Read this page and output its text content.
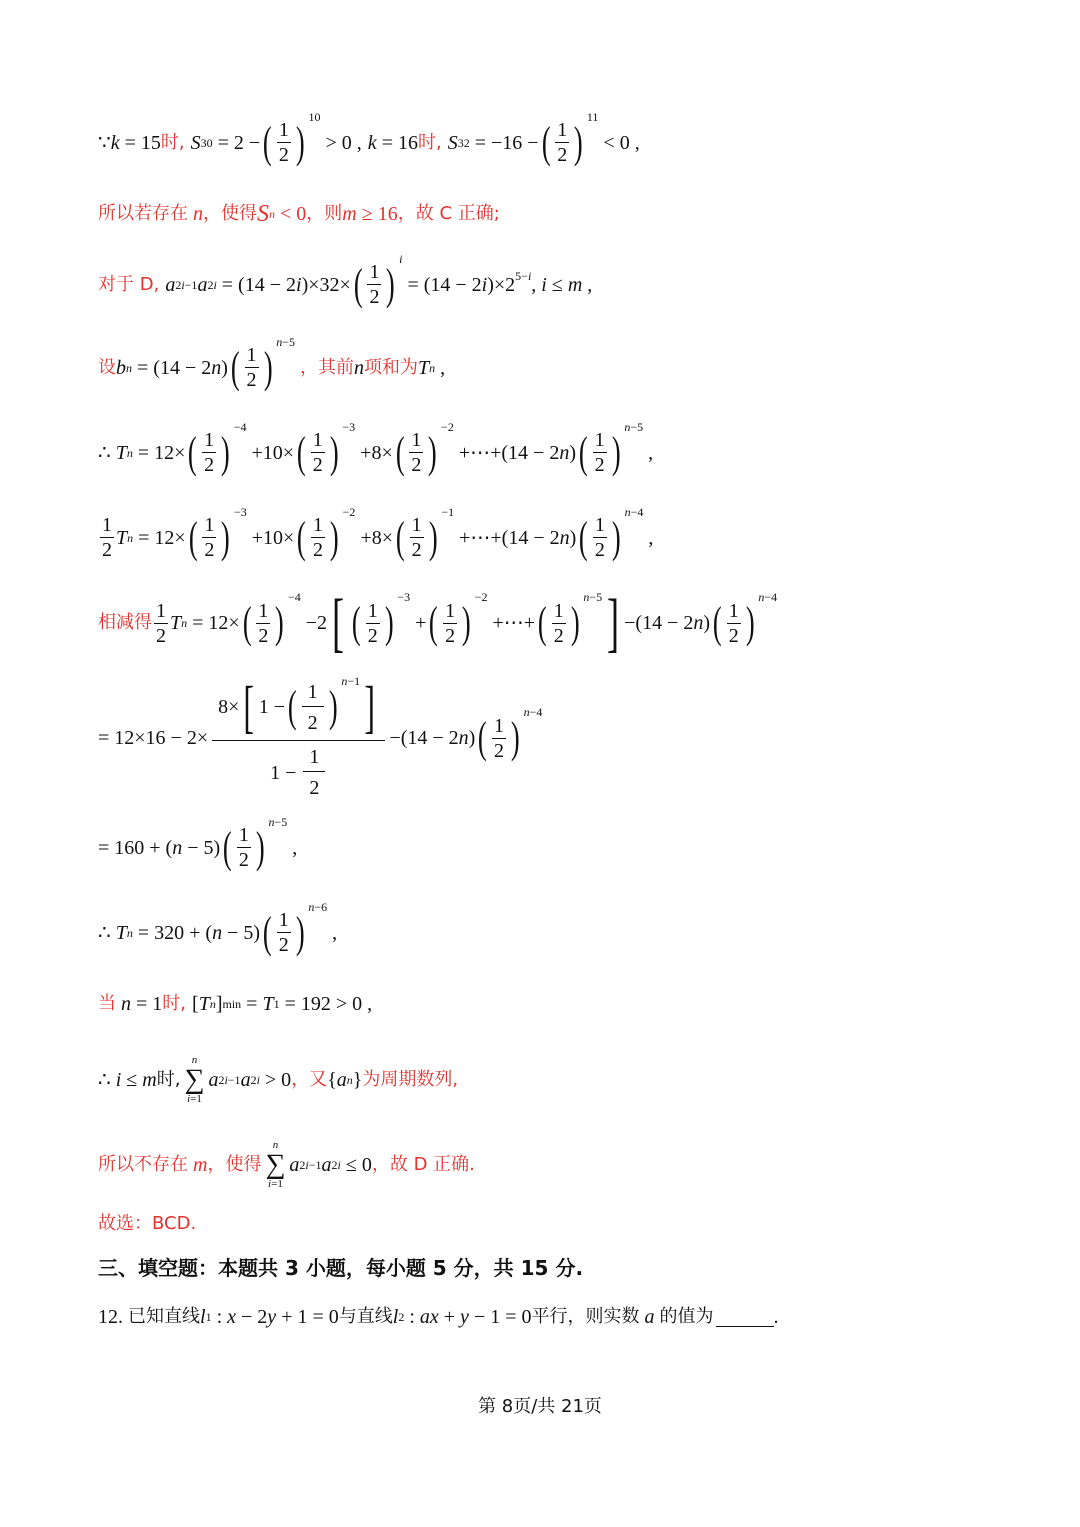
∵ k = 15 时, S 30 = 2 − ( $\frac{1}{2}$ )
10
> 0 , k = 16 时, S 32 = −16 − ( $\frac{1}{2}$ )
11
< 0 ,
所以若存在 n ，使得 S n < 0 ，则 m ≥ 16 ，故 C 正确;
对于 D, a 2i−1 a 2i = (14 − 2 i )×32× ( $\frac{1}{2}$ )
i
= (14 − 2 i )×2 5−i , i ≤ m ,
设 b n = (14 − 2 n ) ( $\frac{1}{2}$ )
n−5

，其前 n 项和为 T n ,
∴ T n = 12× ( $\frac{1}{2}$ )
−4
+10× ( $\frac{1}{2}$ )
−3
+8× ( $\frac{1}{2}$ )
−2
+⋯+(14 − 2 n ) ( $\frac{1}{2}$ )
n−5
,
$\frac{1}{2}$ T n = 12× ( $\frac{1}{2}$ )
−3
+10× ( $\frac{1}{2}$ )
−2
+8× ( $\frac{1}{2}$ )
−1
+⋯+(14 − 2 n ) ( $\frac{1}{2}$ )
n−4
,
相减得 $\frac{1}{2}$ T n = 12× ( $\frac{1}{2}$ )
−4
−2 [ ( $\frac{1}{2}$ )
−3
+ ( $\frac{1}{2}$ )
−2
+⋯+ ( $\frac{1}{2}$ )
n−5 ] −(14 − 2 n ) ( $\frac{1}{2}$ )
n−4
= 12×16 − 2× 8× [ 1 − ( $\frac{1}{2}$ )
n−1 ]
$1 - \frac{1}{2} -(14 - 2$ n ) ( $\frac{1}{2}$ )
n−4
= 160 + ( n − 5) ( $\frac{1}{2}$ )
n−5
,
∴ T n = 320 + ( n − 5) ( $\frac{1}{2}$ )
n−6
,
当 n = 1 时, [ T n ] min = T 1 = 192 > 0 ,
∴ i ≤ m 时,
n
∑
i=1
a 2i−1 a 2i > 0 ，又 { a n } 为周期数列,
所以不存在 m ，使得
n
∑
i=1
a 2i−1 a 2i ≤ 0 ，故 D 正确.
故选：BCD.
三、填空题：本题共 3 小题，每小题 5 分，共 15 分.
12.
已知直线 l 1 : x − 2 y + 1 = 0 与直线 l 2 : ax + y − 1 = 0 平行，则实数 a 的值为	.
第 8页/共 21页
